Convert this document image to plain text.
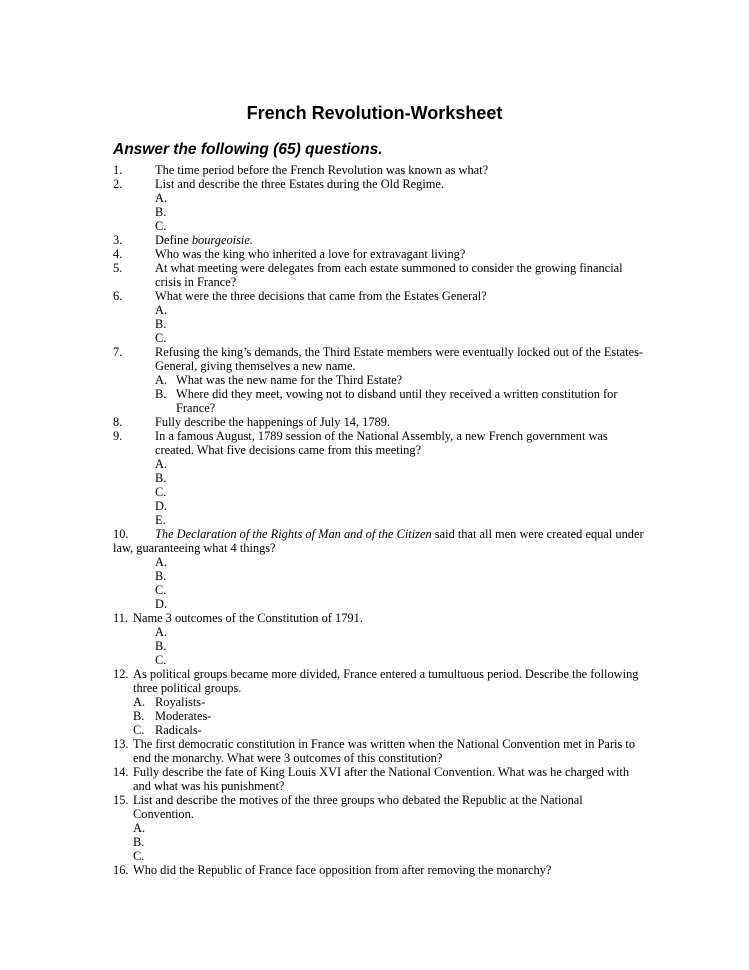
French Revolution-Worksheet
Answer the following (65) questions.
1.	The time period before the French Revolution was known as what?
2.	List and describe the three Estates during the Old Regime.
A.
B.
C.
3.	Define bourgeoisie.
4.	Who was the king who inherited a love for extravagant living?
5.	At what meeting were delegates from each estate summoned to consider the growing financial
crisis in France?
6.	What were the three decisions that came from the Estates General?
A.
B.
C.
7.	Refusing the king’s demands, the Third Estate members were eventually locked out of the Estates-
General, giving themselves a new name.
A. What was the new name for the Third Estate?
B. Where did they meet, vowing not to disband until they received a written constitution for
France?
8.	Fully describe the happenings of July 14, 1789.
9.	In a famous August, 1789 session of the National Assembly, a new French government was
created. What five decisions came from this meeting?
A.
B.
C.
D.
E.
10. The Declaration of the Rights of Man and of the Citizen said that all men were created equal under
law, guaranteeing what 4 things?
A.
B.
C.
D.
11. Name 3 outcomes of the Constitution of 1791.
A.
B.
C.
12. As political groups became more divided, France entered a tumultuous period. Describe the following
three political groups.
A. Royalists-
B. Moderates-
C. Radicals-
13. The first democratic constitution in France was written when the National Convention met in Paris to
end the monarchy. What were 3 outcomes of this constitution?
14. Fully describe the fate of King Louis XVI after the National Convention. What was he charged with
and what was his punishment?
15. List and describe the motives of the three groups who debated the Republic at the National
Convention.
A.
B.
C.
16. Who did the Republic of France face opposition from after removing the monarchy?
